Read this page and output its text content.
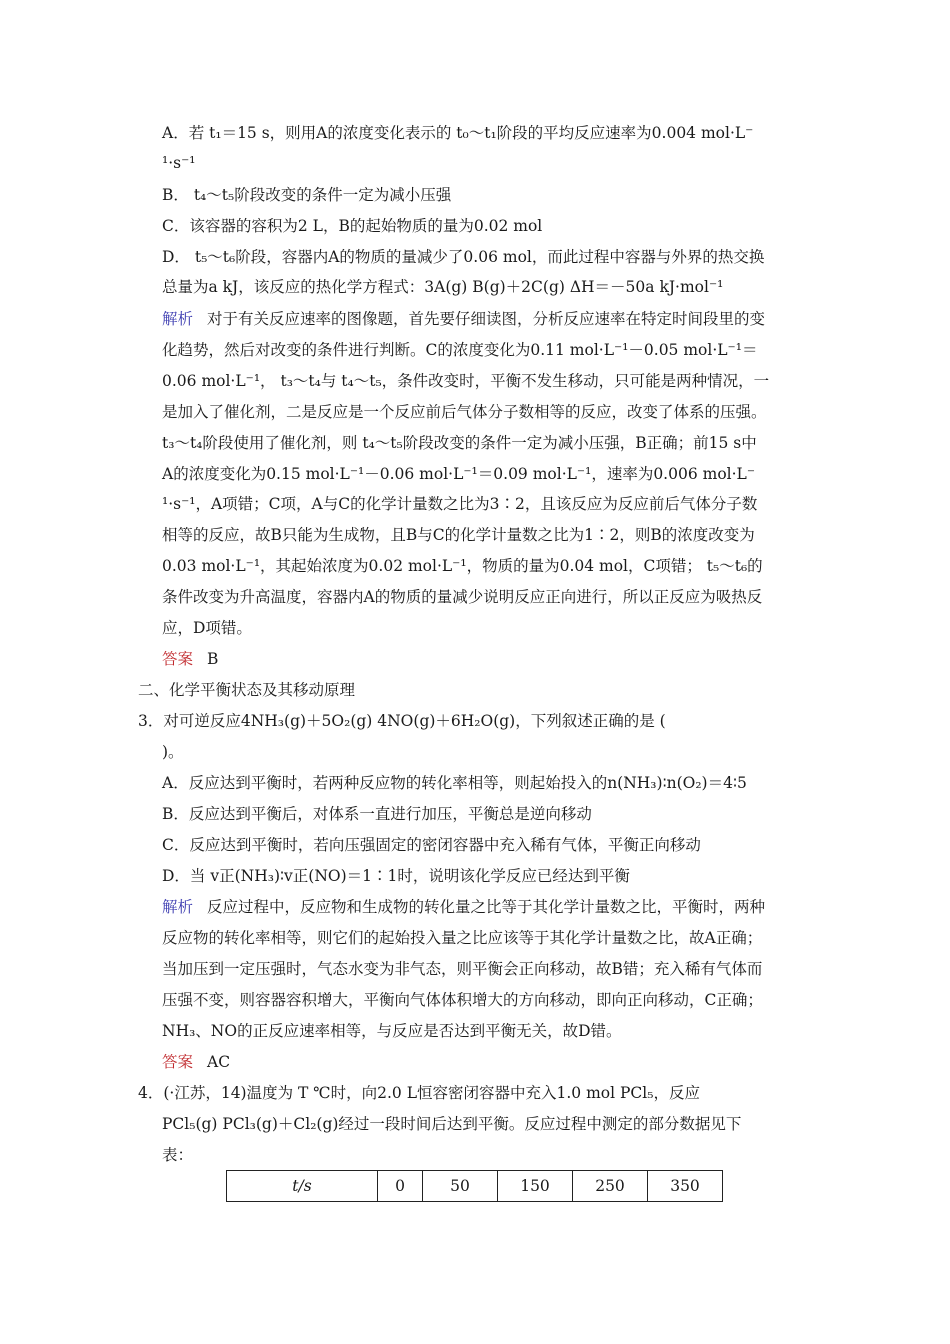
A．若 t₁＝15 s，则用A的浓度变化表示的 t₀～t₁阶段的平均反应速率为0.004 mol·L⁻
¹·s⁻¹
B． t₄～t₅阶段改变的条件一定为减小压强
C．该容器的容积为2 L，B的起始物质的量为0.02 mol
D． t₅～t₆阶段，容器内A的物质的量减少了0.06 mol，而此过程中容器与外界的热交换
总量为a kJ，该反应的热化学方程式：3A(g) B(g)＋2C(g) ΔH＝－50a kJ·mol⁻¹
解析 对于有关反应速率的图像题，首先要仔细读图，分析反应速率在特定时间段里的变
化趋势，然后对改变的条件进行判断。C的浓度变化为0.11 mol·L⁻¹－0.05 mol·L⁻¹＝
0.06 mol·L⁻¹， t₃～t₄与 t₄～t₅，条件改变时，平衡不发生移动，只可能是两种情况，一
是加入了催化剂，二是反应是一个反应前后气体分子数相等的反应，改变了体系的压强。
t₃～t₄阶段使用了催化剂，则 t₄～t₅阶段改变的条件一定为减小压强，B正确；前15 s中
A的浓度变化为0.15 mol·L⁻¹－0.06 mol·L⁻¹＝0.09 mol·L⁻¹，速率为0.006 mol·L⁻
¹·s⁻¹，A项错；C项，A与C的化学计量数之比为3∶2，且该反应为反应前后气体分子数
相等的反应，故B只能为生成物，且B与C的化学计量数之比为1∶2，则B的浓度改变为
0.03 mol·L⁻¹，其起始浓度为0.02 mol·L⁻¹，物质的量为0.04 mol，C项错； t₅～t₆的
条件改变为升高温度，容器内A的物质的量减少说明反应正向进行，所以正反应为吸热反
应，D项错。
答案 B
二、化学平衡状态及其移动原理
3．对可逆反应4NH₃(g)＋5O₂(g) 4NO(g)＋6H₂O(g)，下列叙述正确的是 (
)。
A．反应达到平衡时，若两种反应物的转化率相等，则起始投入的n(NH₃)∶n(O₂)＝4∶5
B．反应达到平衡后，对体系一直进行加压，平衡总是逆向移动
C．反应达到平衡时，若向压强固定的密闭容器中充入稀有气体，平衡正向移动
D．当 v正(NH₃)∶v正(NO)＝1∶1时，说明该化学反应已经达到平衡
解析 反应过程中，反应物和生成物的转化量之比等于其化学计量数之比，平衡时，两种
反应物的转化率相等，则它们的起始投入量之比应该等于其化学计量数之比，故A正确；
当加压到一定压强时，气态水变为非气态，则平衡会正向移动，故B错；充入稀有气体而
压强不变，则容器容积增大，平衡向气体体积增大的方向移动，即向正向移动，C正确；
NH₃、NO的正反应速率相等，与反应是否达到平衡无关，故D错。
答案 AC
4．(·江苏，14)温度为 T ℃时，向2.0 L恒容密闭容器中充入1.0 mol PCl₅，反应
PCl₅(g) PCl₃(g)＋Cl₂(g)经过一段时间后达到平衡。反应过程中测定的部分数据见下
表：
t/s	0	50	150	250	350
